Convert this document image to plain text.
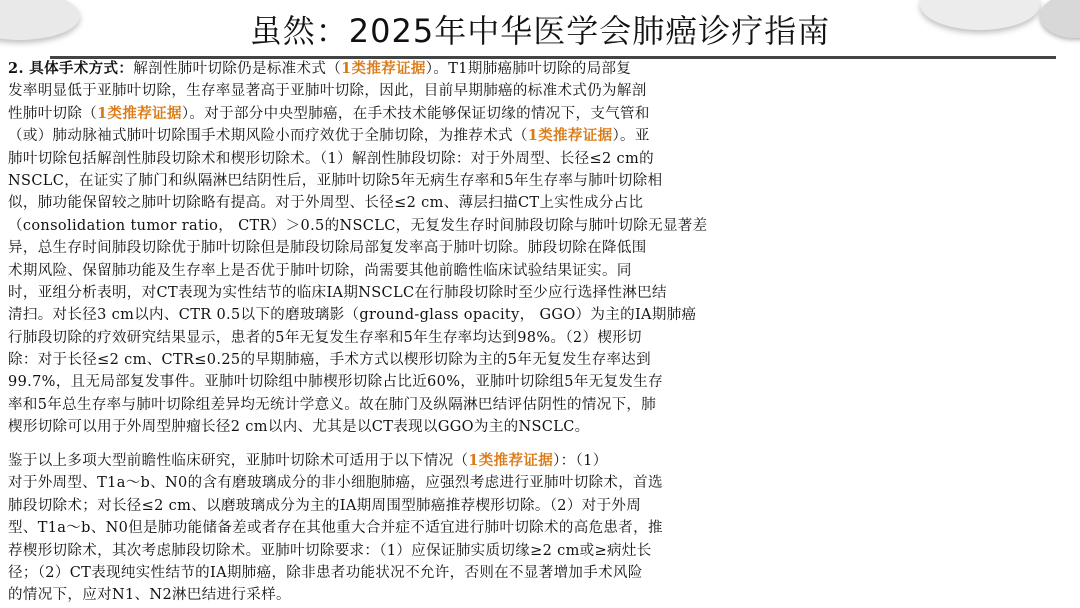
虽然：2025年中华医学会肺癌诊疗指南
2. 具体手术方式：解剖性肺叶切除仍是标准术式（1类推荐证据）。T1期肺癌肺叶切除的局部复
发率明显低于亚肺叶切除，生存率显著高于亚肺叶切除，因此，目前早期肺癌的标准术式仍为解剖
性肺叶切除（1类推荐证据）。对于部分中央型肺癌，在手术技术能够保证切缘的情况下，支气管和
（或）肺动脉袖式肺叶切除围手术期风险小而疗效优于全肺切除，为推荐术式（1类推荐证据）。亚
肺叶切除包括解剖性肺段切除术和楔形切除术。（1）解剖性肺段切除：对于外周型、长径≤2 cm的
NSCLC，在证实了肺门和纵隔淋巴结阴性后，亚肺叶切除5年无病生存率和5年生存率与肺叶切除相
似，肺功能保留较之肺叶切除略有提高。对于外周型、长径≤2 cm、薄层扫描CT上实性成分占比
（consolidation tumor ratio， CTR）＞0.5的NSCLC，无复发生存时间肺段切除与肺叶切除无显著差
异，总生存时间肺段切除优于肺叶切除但是肺段切除局部复发率高于肺叶切除。肺段切除在降低围
术期风险、保留肺功能及生存率上是否优于肺叶切除，尚需要其他前瞻性临床试验结果证实。同
时，亚组分析表明，对CT表现为实性结节的临床IA期NSCLC在行肺段切除时至少应行选择性淋巴结
清扫。对长径3 cm以内、CTR 0.5以下的磨玻璃影（ground-glass opacity， GGO）为主的IA期肺癌
行肺段切除的疗效研究结果显示，患者的5年无复发生存率和5年生存率均达到98%。（2）楔形切
除：对于长径≤2 cm、CTR≤0.25的早期肺癌，手术方式以楔形切除为主的5年无复发生存率达到
99.7%，且无局部复发事件。亚肺叶切除组中肺楔形切除占比近60%，亚肺叶切除组5年无复发生存
率和5年总生存率与肺叶切除组差异均无统计学意义。故在肺门及纵隔淋巴结评估阴性的情况下，肺
楔形切除可以用于外周型肿瘤长径2 cm以内、尤其是以CT表现以GGO为主的NSCLC。
鉴于以上多项大型前瞻性临床研究，亚肺叶切除术可适用于以下情况（1类推荐证据）：（1）
对于外周型、T1a～b、N0的含有磨玻璃成分的非小细胞肺癌，应强烈考虑进行亚肺叶切除术，首选
肺段切除术；对长径≤2 cm、以磨玻璃成分为主的IA期周围型肺癌推荐楔形切除。（2）对于外周
型、T1a～b、N0但是肺功能储备差或者存在其他重大合并症不适宜进行肺叶切除术的高危患者，推
荐楔形切除术，其次考虑肺段切除术。亚肺叶切除要求：（1）应保证肺实质切缘≥2 cm或≥病灶长
径；（2）CT表现纯实性结节的IA期肺癌，除非患者功能状况不允许，否则在不显著增加手术风险
的情况下，应对N1、N2淋巴结进行采样。
